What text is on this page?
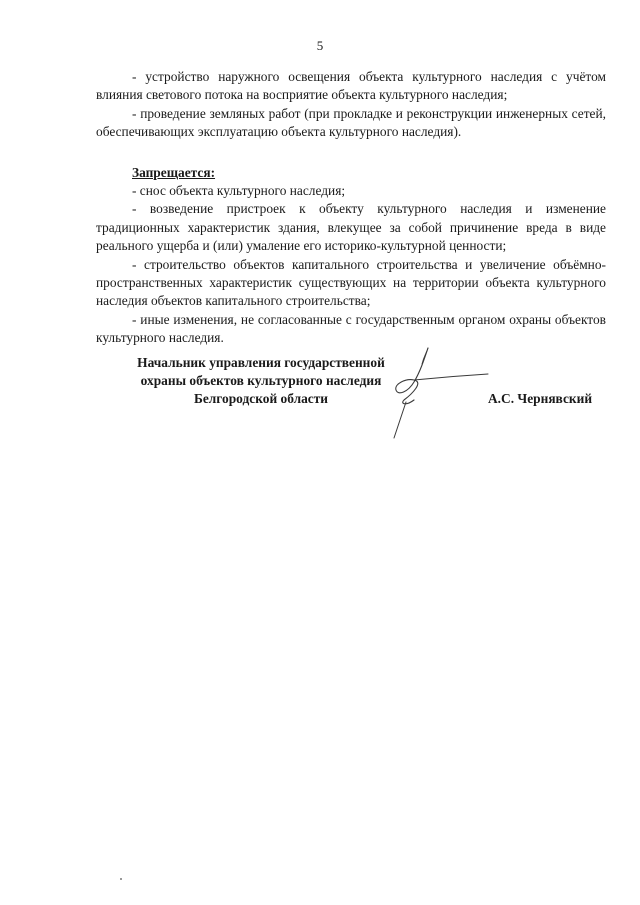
5

- устройство наружного освещения объекта культурного наследия с учётом влияния светового потока на восприятие объекта культурного наследия;

- проведение земляных работ (при прокладке и реконструкции инженерных сетей, обеспечивающих эксплуатацию объекта культурного наследия).

Запрещается:

- снос объекта культурного наследия;

- возведение пристроек к объекту культурного наследия и изменение традиционных характеристик здания, влекущее за собой причинение вреда в виде реального ущерба и (или) умаление его историко-культурной ценности;

- строительство объектов капитального строительства и увеличение объёмно-пространственных характеристик существующих на территории объекта культурного наследия объектов капитального строительства;

- иные изменения, не согласованные с государственным органом охраны объектов культурного наследия.

Начальник управления государственной
охраны объектов культурного наследия
Белгородской области	А.С. Чернявский
